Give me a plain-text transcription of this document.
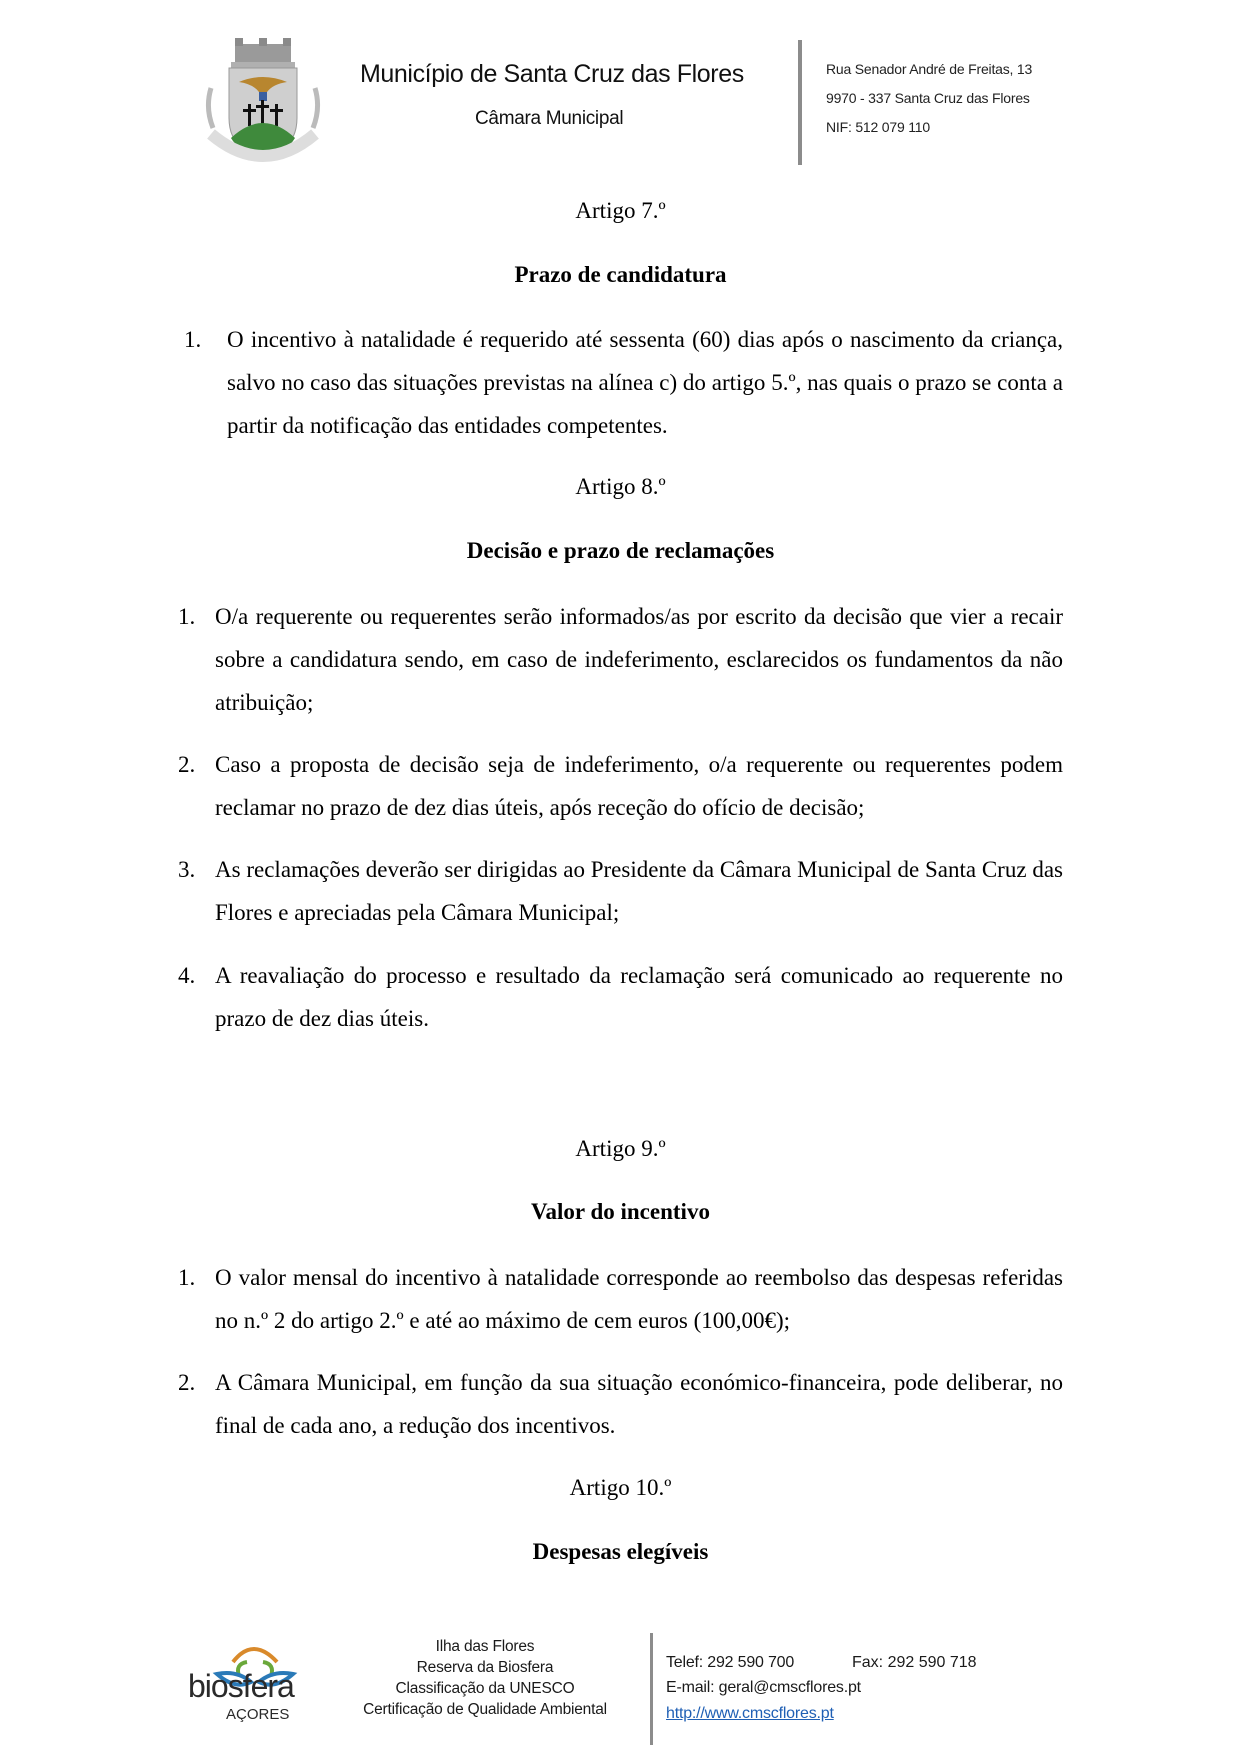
Município de Santa Cruz das Flores
Câmara Municipal
Rua Senador André de Freitas, 13
9970 - 337 Santa Cruz das Flores
NIF: 512 079 110
Artigo 7.º
Prazo de candidatura
1.	O incentivo à natalidade é requerido até sessenta (60) dias após o nascimento da criança, salvo no caso das situações previstas na alínea c) do artigo 5.º, nas quais o prazo se conta a partir da notificação das entidades competentes.
Artigo 8.º
Decisão e prazo de reclamações
1. O/a requerente ou requerentes serão informados/as por escrito da decisão que vier a recair sobre a candidatura sendo, em caso de indeferimento, esclarecidos os fundamentos da não atribuição;
2. Caso a proposta de decisão seja de indeferimento, o/a requerente ou requerentes podem reclamar no prazo de dez dias úteis, após receção do ofício de decisão;
3. As reclamações deverão ser dirigidas ao Presidente da Câmara Municipal de Santa Cruz das Flores e apreciadas pela Câmara Municipal;
4. A reavaliação do processo e resultado da reclamação será comunicado ao requerente no prazo de dez dias úteis.
Artigo 9.º
Valor do incentivo
1. O valor mensal do incentivo à natalidade corresponde ao reembolso das despesas referidas no n.º 2 do artigo 2.º e até ao máximo de cem euros (100,00€);
2. A Câmara Municipal, em função da sua situação económico-financeira, pode deliberar, no final de cada ano, a redução dos incentivos.
Artigo 10.º
Despesas elegíveis
biosfera
AÇORES
Ilha das Flores
Reserva da Biosfera
Classificação da UNESCO
Certificação de Qualidade Ambiental
Telef: 292 590 700	Fax: 292 590 718
E-mail: geral@cmscflores.pt
http://www.cmscflores.pt
